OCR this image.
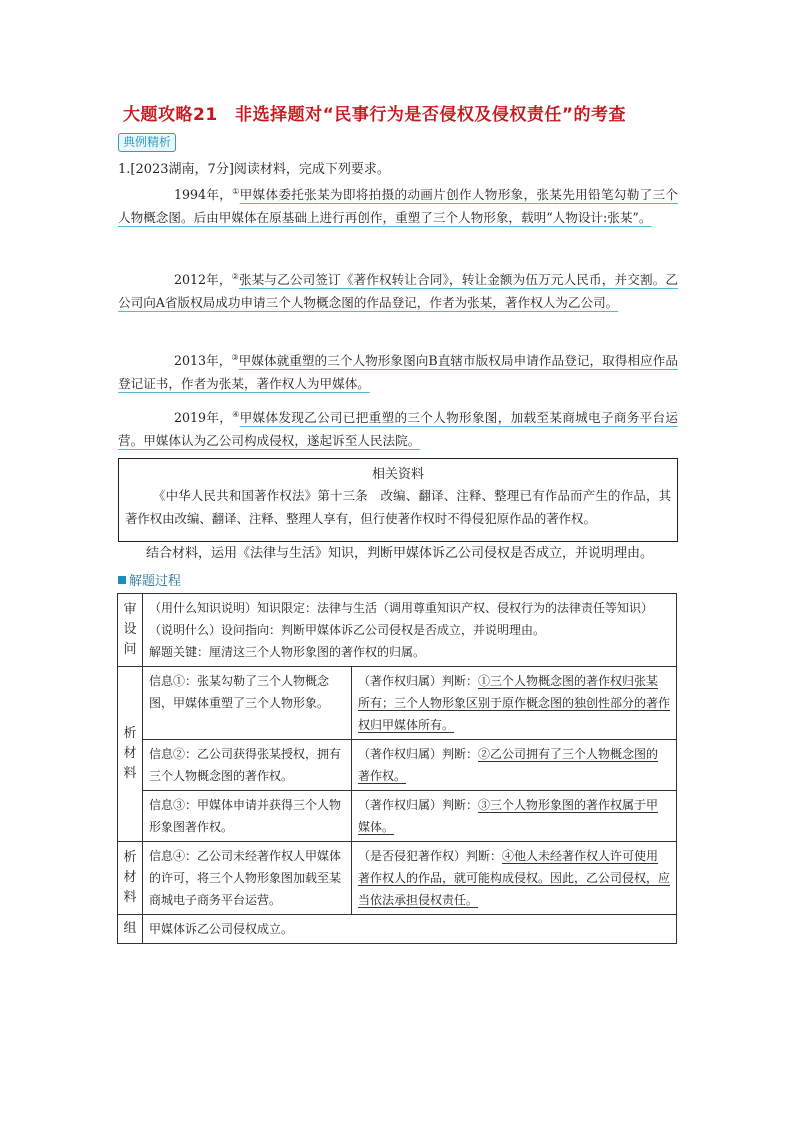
大题攻略21　非选择题对“民事行为是否侵权及侵权责任”的考查
典例精析
1.[2023湖南，7分]阅读材料，完成下列要求。
1994年，①甲媒体委托张某为即将拍摄的动画片创作人物形象，张某先用铅笔勾勒了三个人物概念图。后由甲媒体在原基础上进行再创作，重塑了三个人物形象，载明“人物设计:张某”。
2012年，②张某与乙公司签订《著作权转让合同》，转让金额为伍万元人民币，并交割。乙公司向A省版权局成功申请三个人物概念图的作品登记，作者为张某，著作权人为乙公司。
2013年，③甲媒体就重塑的三个人物形象图向B直辖市版权局申请作品登记，取得相应作品登记证书，作者为张某，著作权人为甲媒体。
2019年，④甲媒体发现乙公司已把重塑的三个人物形象图，加载至某商城电子商务平台运营。甲媒体认为乙公司构成侵权，遂起诉至人民法院。
相关资料
《中华人民共和国著作权法》第十三条　改编、翻译、注释、整理已有作品而产生的作品，其著作权由改编、翻译、注释、整理人享有，但行使著作权时不得侵犯原作品的著作权。
结合材料，运用《法律与生活》知识，判断甲媒体诉乙公司侵权是否成立，并说明理由。
解题过程
审设问	（用什么知识说明）知识限定：法律与生活（调用尊重知识产权、侵权行为的法律责任等知识）
（说明什么）设问指向：判断甲媒体诉乙公司侵权是否成立，并说明理由。
解题关键：厘清这三个人物形象图的著作权的归属。	

析材料	信息①：张某勾勒了三个人物概念图，甲媒体重塑了三个人物形象。	（著作权归属）判断：①三个人物概念图的著作权归张某所有；三个人物形象区别于原作概念图的独创性部分的著作权归甲媒体所有。
	信息②：乙公司获得张某授权，拥有三个人物概念图的著作权。	（著作权归属）判断：②乙公司拥有了三个人物概念图的著作权。
	信息③：甲媒体申请并获得三个人物形象图著作权。	（著作权归属）判断：③三个人物形象图的著作权属于甲媒体。
析材料	信息④：乙公司未经著作权人甲媒体的许可，将三个人物形象图加载至某商城电子商务平台运营。	（是否侵犯著作权）判断：④他人未经著作权人许可使用著作权人的作品，就可能构成侵权。因此，乙公司侵权，应当依法承担侵权责任。
组	甲媒体诉乙公司侵权成立。	
